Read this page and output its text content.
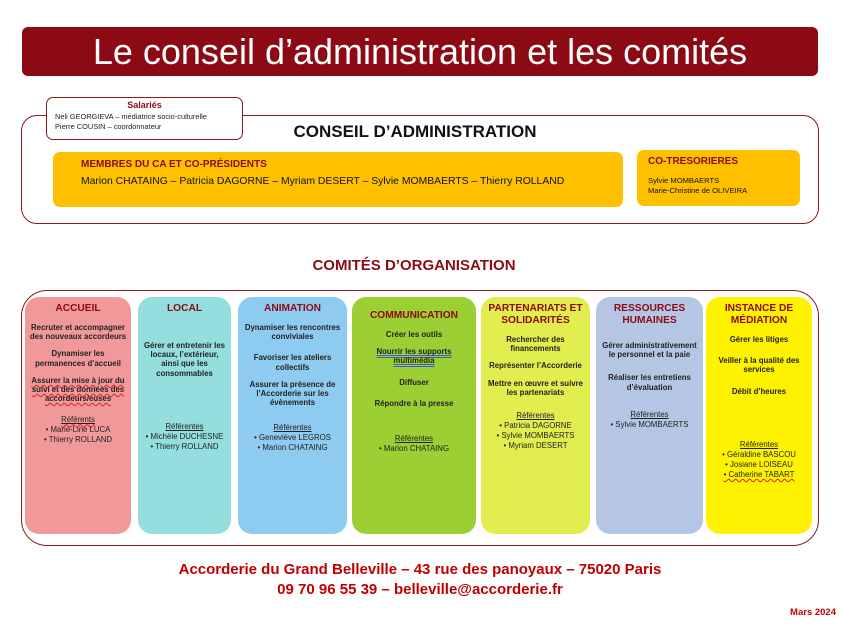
Le conseil d’administration et les comités
Salariés
Neli GEORGIEVA – médiatrice socio-culturelle
Pierre COUSIN – coordonnateur	CONSEIL D’ADMINISTRATION
MEMBRES DU CA ET CO-PRÉSIDENTS
Marion CHATAING – Patricia DAGORNE – Myriam DESERT – Sylvie MOMBAERTS – Thierry ROLLAND
CO-TRESORIERES
Sylvie MOMBAERTS
Marie-Christine de OLIVEIRA
COMITÉS D’ORGANISATION
ACCUEIL
Recruter et accompagner des nouveaux accordeurs
Dynamiser les permanences d’accueil
Assurer la mise à jour du suivi et des données des accordeurs/euses
Référents
• Marie-Line LUCA
• Thierry ROLLAND
LOCAL
Gérer et entretenir les locaux, l’extérieur, ainsi que les consommables
Référentes
• Michèle DUCHESNE
• Thierry ROLLAND
ANIMATION
Dynamiser les rencontres conviviales
Favoriser les ateliers collectifs
Assurer la présence de l’Accorderie sur les évènements
Référentes
• Geneviève LEGROS
• Marion CHATAING
COMMUNICATION
Créer les outils
Nourrir les supports multimédia
Diffuser
Répondre à la presse
Référentes
• Marion CHATAING
PARTENARIATS ET SOLIDARITÉS
Rechercher des financements
Représenter l’Accorderie
Mettre en œuvre et suivre les partenariats
Référentes
• Patricia DAGORNE
• Sylvie MOMBAERTS
• Myriam DESERT
RESSOURCES HUMAINES
Gérer administrativement le personnel et la paie
Réaliser les entretiens d’évaluation
Référentes
• Sylvie MOMBAERTS
INSTANCE DE MÉDIATION
Gérer les litiges
Veiller à la qualité des services
Débit d’heures
Référentes
• Géraldine BASCOU
• Josiane LOISEAU
• Catherine TABART
Accorderie du Grand Belleville – 43 rue des panoyaux – 75020 Paris
09 70 96 55 39 – belleville@accorderie.fr
Mars 2024
